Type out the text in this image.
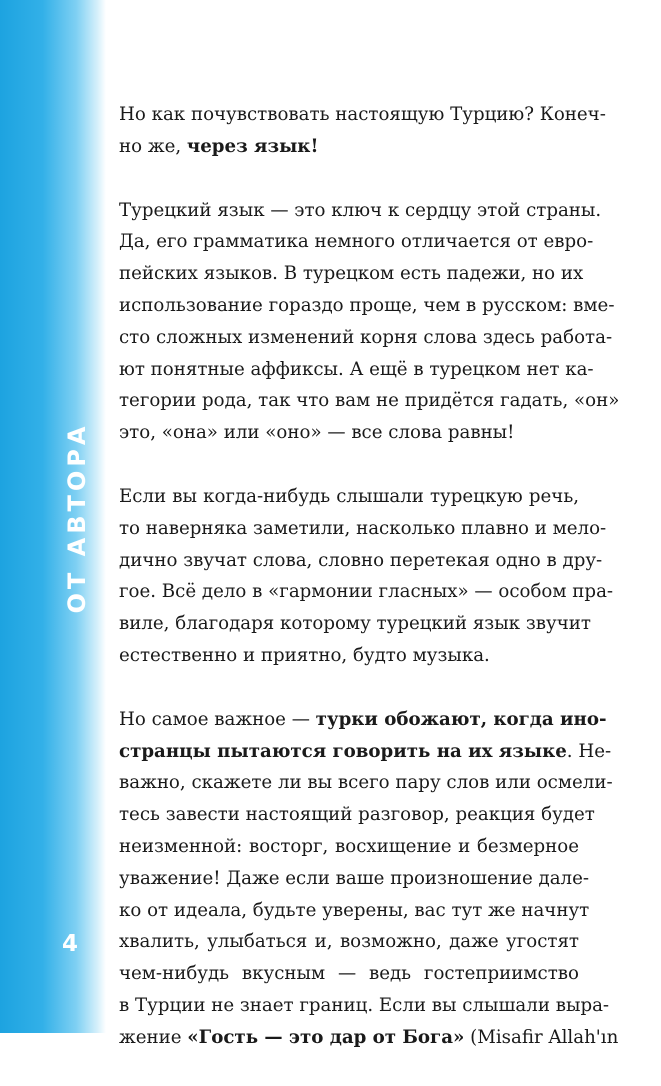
ОТ АВТОРА
4
Но как почувствовать настоящую Турцию? Конеч-
но же, через язык!
Турецкий язык — это ключ к сердцу этой страны.
Да, его грамматика немного отличается от евро-
пейских языков. В турецком есть падежи, но их
использование гораздо проще, чем в русском: вме-
сто сложных изменений корня слова здесь работа-
ют понятные аффиксы. А ещё в турецком нет ка-
тегории рода, так что вам не придётся гадать, «он»
это, «она» или «оно» — все слова равны!
Если вы когда-нибудь слышали турецкую речь,
то наверняка заметили, насколько плавно и мело-
дично звучат слова, словно перетекая одно в дру-
гое. Всё дело в «гармонии гласных» — особом пра-
виле, благодаря которому турецкий язык звучит
естественно и приятно, будто музыка.
Но самое важное — турки обожают, когда ино-
странцы пытаются говорить на их языке. Не-
важно, скажете ли вы всего пару слов или осмели-
тесь завести настоящий разговор, реакция будет
неизменной: восторг, восхищение и безмерное
уважение! Даже если ваше произношение дале-
ко от идеала, будьте уверены, вас тут же начнут
хвалить, улыбаться и, возможно, даже угостят
чем-нибудь вкусным — ведь гостеприимство
в Турции не знает границ. Если вы слышали выра-
жение «Гость — это дар от Бога» (Misafir Allah'ın
